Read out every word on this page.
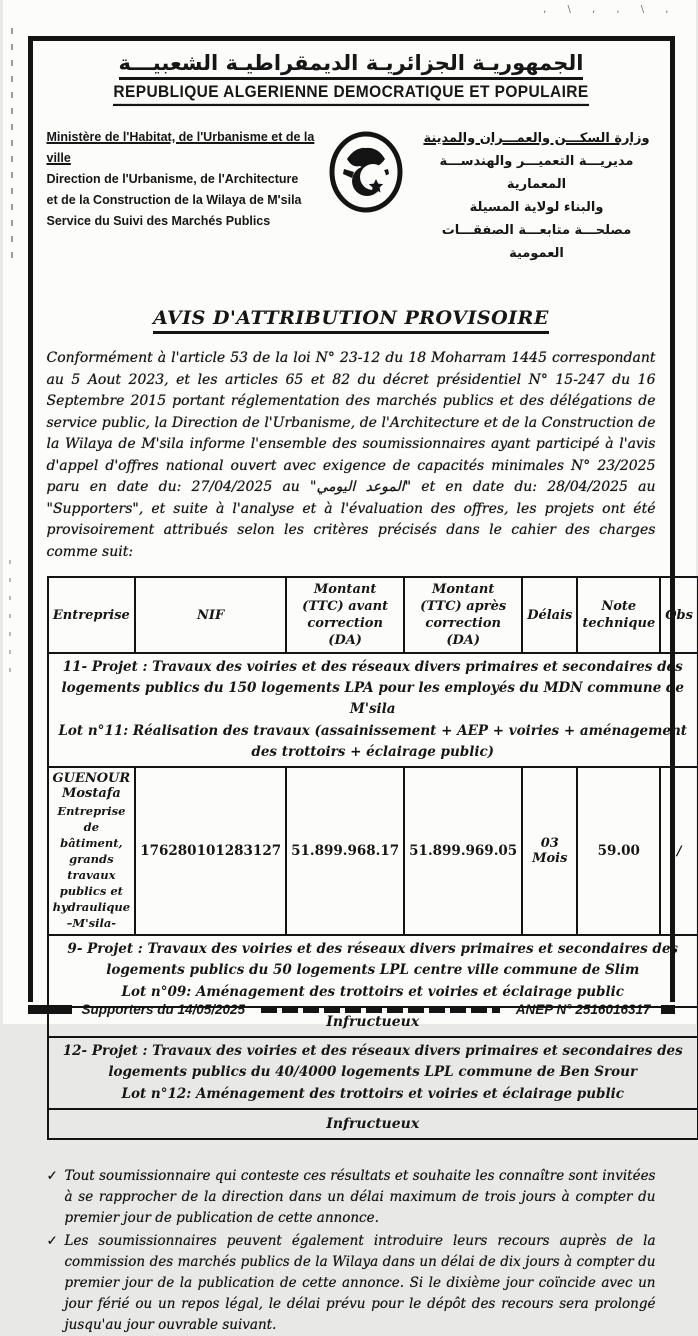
, \ , , \ ,
الجمهوريـة الجزائريـة الديمقراطيـة الشعبيـــة
REPUBLIQUE ALGERIENNE DEMOCRATIQUE ET POPULAIRE
Ministère de l'Habitat, de l'Urbanisme et de la ville
Direction de l'Urbanisme, de l'Architecture
et de la Construction de la Wilaya de M'sila
Service du Suivi des Marchés Publics
وزارة السكـــن والعمـــران والمدينة
مديريـــة التعميـــر والهندســـة المعمارية
والبناء لولاية المسيلة
مصلحـــة متابعـــة الصفقـــات العمومية
AVIS D'ATTRIBUTION PROVISOIRE

Conformément à l'article 53 de la loi N° 23-12 du 18 Moharram 1445 correspondant au 5 Aout 2023, et les articles 65 et 82 du décret présidentiel N° 15-247 du 16 Septembre 2015 portant réglementation des marchés publics et des délégations de service public, la Direction de l'Urbanisme, de l'Architecture et de la Construction de la Wilaya de M'sila informe l'ensemble des soumissionnaires ayant participé à l'avis d'appel d'offres national ouvert avec exigence de capacités minimales N° 23/2025 paru en date du: 27/04/2025 au "الموعد اليومي" et en date du: 28/04/2025 au "Supporters", et suite à l'analyse et à l'évaluation des offres, les projets ont été provisoirement attribués selon les critères précisés dans le cahier des charges comme suit:

Entreprise	NIF	Montant (TTC) avant correction (DA)	Montant (TTC) après correction (DA)	Délais	Note technique	Obs

11- Projet : Travaux des voiries et des réseaux divers primaires et secondaires des logements publics du 150 logements LPA pour les employés du MDN commune de M'sila
Lot n°11: Réalisation des travaux (assainissement + AEP + voiries + aménagement des trottoirs + éclairage public)						

GUENOUR Mostafa
Entreprise de bâtiment, grands travaux publics et hydraulique –M'sila-	176280101283127	51.899.968.17	51.899.969.05	03 Mois	59.00	/

9- Projet : Travaux des voiries et des réseaux divers primaires et secondaires des logements publics du 50 logements LPL centre ville commune de Slim
Lot n°09: Aménagement des trottoirs et voiries et éclairage public						

Infructueux						

12- Projet : Travaux des voiries et des réseaux divers primaires et secondaires des logements publics du 40/4000 logements LPL commune de Ben Srour
Lot n°12: Aménagement des trottoirs et voiries et éclairage public						

Infructueux						
✓ Tout soumissionnaire qui conteste ces résultats et souhaite les connaître sont invitées à se rapprocher de la direction dans un délai maximum de trois jours à compter du premier jour de publication de cette annonce.
✓ Les soumissionnaires peuvent également introduire leurs recours auprès de la commission des marchés publics de la Wilaya dans un délai de dix jours à compter du premier jour de la publication de cette annonce. Si le dixième jour coïncide avec un jour férié ou un repos légal, le délai prévu pour le dépôt des recours sera prolongé jusqu'au jour ouvrable suivant.
Supporters du 14/05/2025	ANEP N° 2516016317
